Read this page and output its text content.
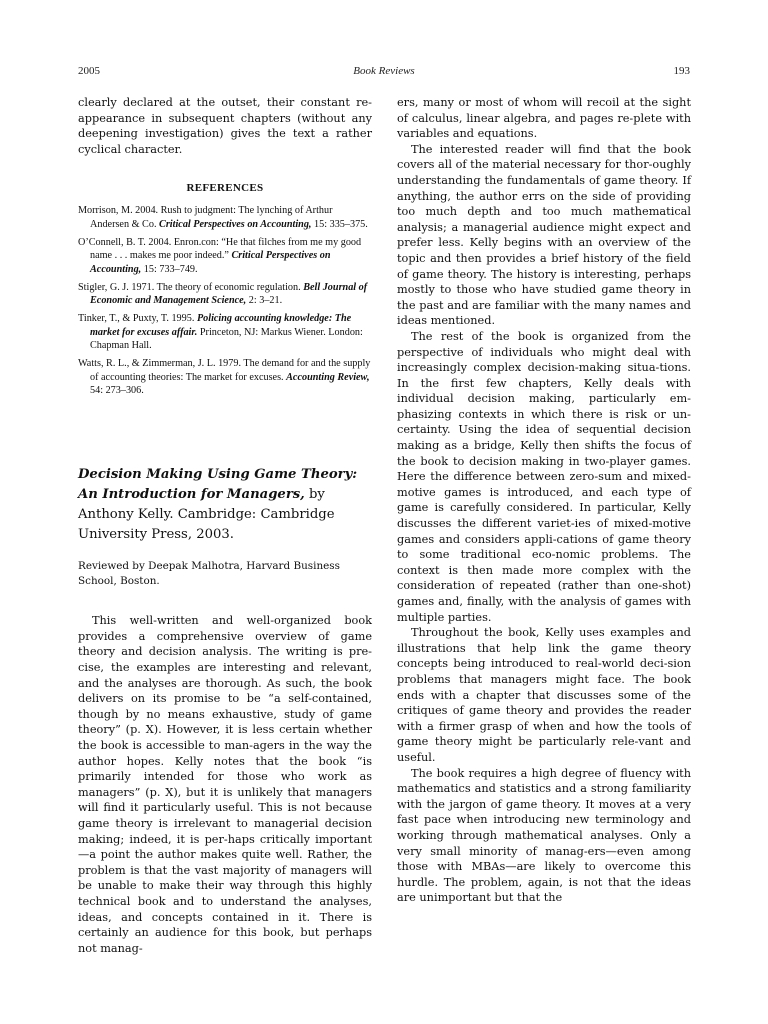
2005	Book Reviews	193

clearly declared at the outset, their constant re-appearance in subsequent chapters (without any deepening investigation) gives the text a rather cyclical character.

REFERENCES

Morrison, M. 2004. Rush to judgment: The lynching of Arthur Andersen & Co. Critical Perspectives on Accounting, 15: 335–375.

O’Connell, B. T. 2004. Enron.con: “He that filches from me my good name . . . makes me poor indeed.” Critical Perspectives on Accounting, 15: 733–749.

Stigler, G. J. 1971. The theory of economic regulation. Bell Journal of Economic and Management Science, 2: 3–21.

Tinker, T., & Puxty, T. 1995. Policing accounting knowledge: The market for excuses affair. Princeton, NJ: Markus Wiener. London: Chapman Hall.

Watts, R. L., & Zimmerman, J. L. 1979. The demand for and the supply of accounting theories: The market for excuses. Accounting Review, 54: 273–306.

Decision Making Using Game Theory: An Introduction for Managers, by Anthony Kelly. Cambridge: Cambridge University Press, 2003.
Reviewed by Deepak Malhotra, Harvard Business School, Boston.

This well-written and well-organized book provides a comprehensive overview of game theory and decision analysis. The writing is pre-cise, the examples are interesting and relevant, and the analyses are thorough. As such, the book delivers on its promise to be “a self-contained, though by no means exhaustive, study of game theory” (p. X). However, it is less certain whether the book is accessible to man-agers in the way the author hopes. Kelly notes that the book “is primarily intended for those who work as managers” (p. X), but it is unlikely that managers will find it particularly useful. This is not because game theory is irrelevant to managerial decision making; indeed, it is per-haps critically important—a point the author makes quite well. Rather, the problem is that the vast majority of managers will be unable to make their way through this highly technical book and to understand the analyses, ideas, and concepts contained in it. There is certainly an audience for this book, but perhaps not manag-

ers, many or most of whom will recoil at the sight of calculus, linear algebra, and pages re-plete with variables and equations.

The interested reader will find that the book covers all of the material necessary for thor-oughly understanding the fundamentals of game theory. If anything, the author errs on the side of providing too much depth and too much mathematical analysis; a managerial audience might expect and prefer less. Kelly begins with an overview of the topic and then provides a brief history of the field of game theory. The history is interesting, perhaps mostly to those who have studied game theory in the past and are familiar with the many names and ideas mentioned.

The rest of the book is organized from the perspective of individuals who might deal with increasingly complex decision-making situa-tions. In the first few chapters, Kelly deals with individual decision making, particularly em-phasizing contexts in which there is risk or un-certainty. Using the idea of sequential decision making as a bridge, Kelly then shifts the focus of the book to decision making in two-player games. Here the difference between zero-sum and mixed-motive games is introduced, and each type of game is carefully considered. In particular, Kelly discusses the different variet-ies of mixed-motive games and considers appli-cations of game theory to some traditional eco-nomic problems. The context is then made more complex with the consideration of repeated (rather than one-shot) games and, finally, with the analysis of games with multiple parties.

Throughout the book, Kelly uses examples and illustrations that help link the game theory concepts being introduced to real-world deci-sion problems that managers might face. The book ends with a chapter that discusses some of the critiques of game theory and provides the reader with a firmer grasp of when and how the tools of game theory might be particularly rele-vant and useful.

The book requires a high degree of fluency with mathematics and statistics and a strong familiarity with the jargon of game theory. It moves at a very fast pace when introducing new terminology and working through mathematical analyses. Only a very small minority of manag-ers—even among those with MBAs—are likely to overcome this hurdle. The problem, again, is not that the ideas are unimportant but that the
